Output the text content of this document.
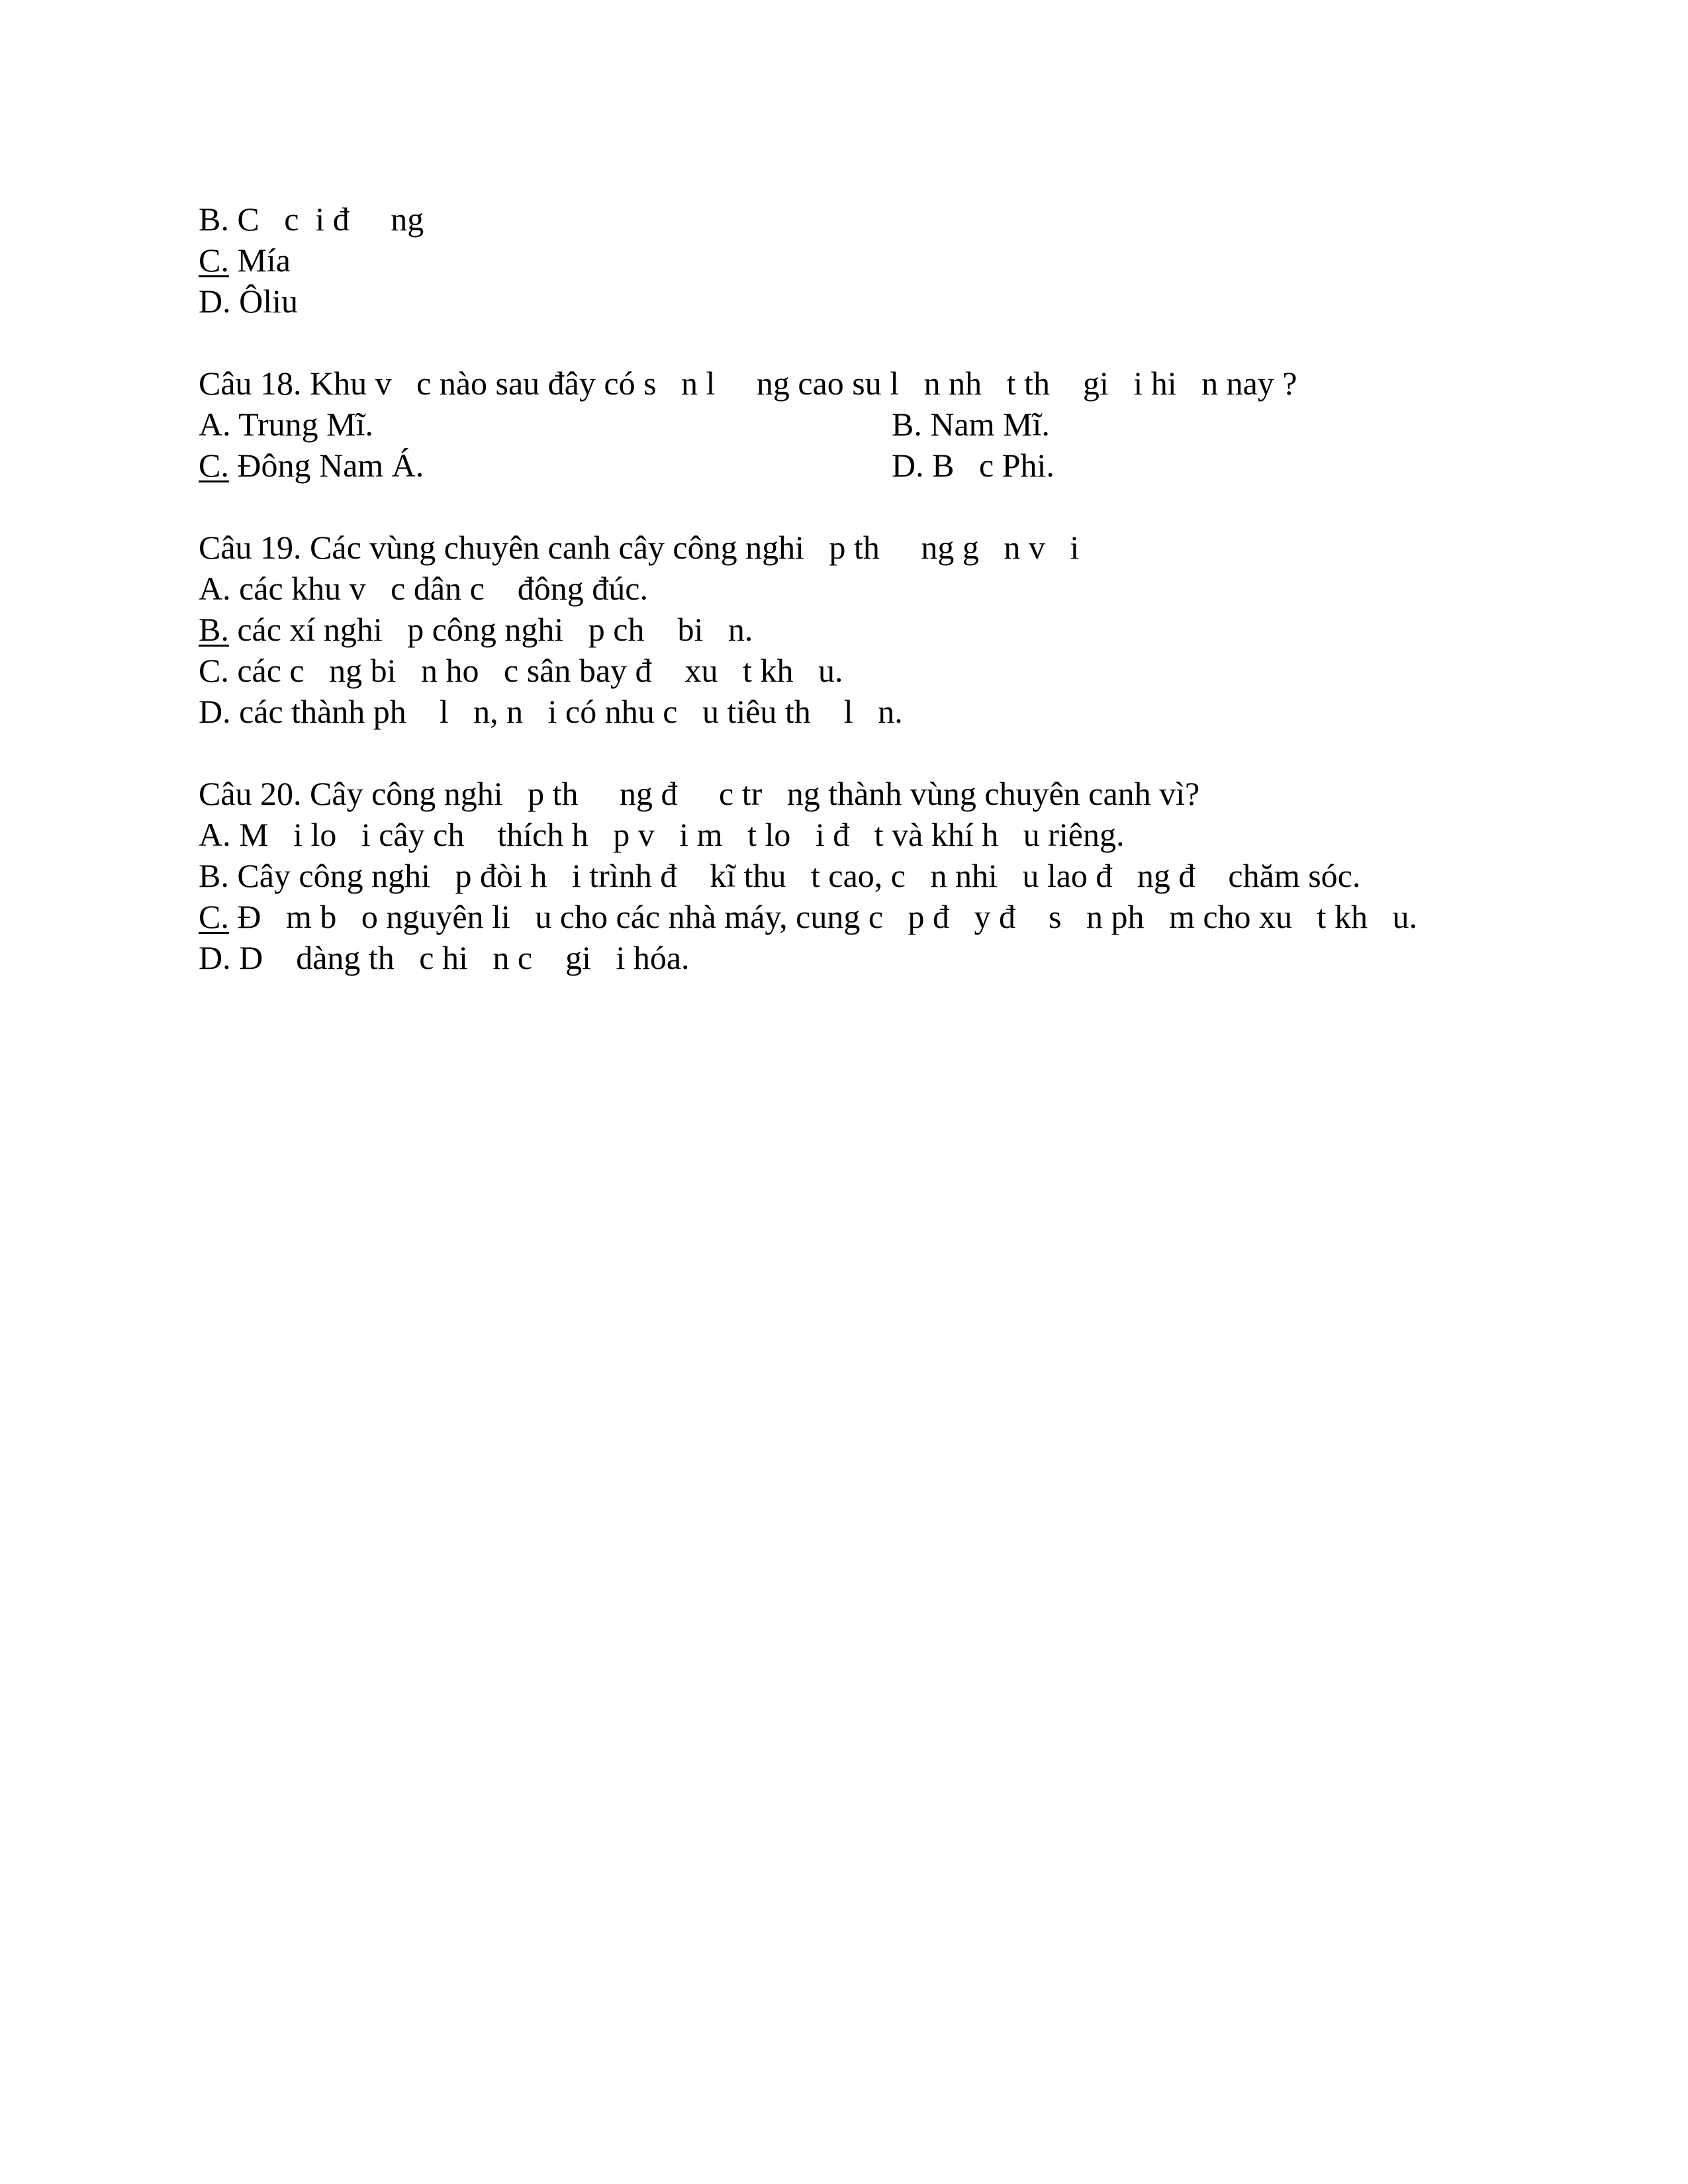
B. C   c  i đ     ng
C. Mía
D. Ôliu
Câu 18. Khu v   c nào sau đây có s   n l     ng cao su l   n nh   t th    gi   i hi   n nay ?
A. Trung Mĩ.	B. Nam Mĩ.
C. Đông Nam Á.	D. B   c Phi.
Câu 19. Các vùng chuyên canh cây công nghi   p th     ng g   n v   i
A. các khu v   c dân c    đông đúc.
B. các xí nghi   p công nghi   p ch    bi   n.
C. các c   ng bi   n ho   c sân bay đ    xu   t kh   u.
D. các thành ph    l   n, n   i có nhu c   u tiêu th    l   n.
Câu 20. Cây công nghi   p th     ng đ     c tr   ng thành vùng chuyên canh vì?
A. M   i lo   i cây ch    thích h   p v   i m   t lo   i đ   t và khí h   u riêng.
B. Cây công nghi   p đòi h   i trình đ    kĩ thu   t cao, c   n nhi   u lao đ   ng đ    chăm sóc.
C. Đ   m b   o nguyên li   u cho các nhà máy, cung c   p đ   y đ    s   n ph   m cho xu   t kh   u.
D. D    dàng th   c hi   n c    gi   i hóa.
